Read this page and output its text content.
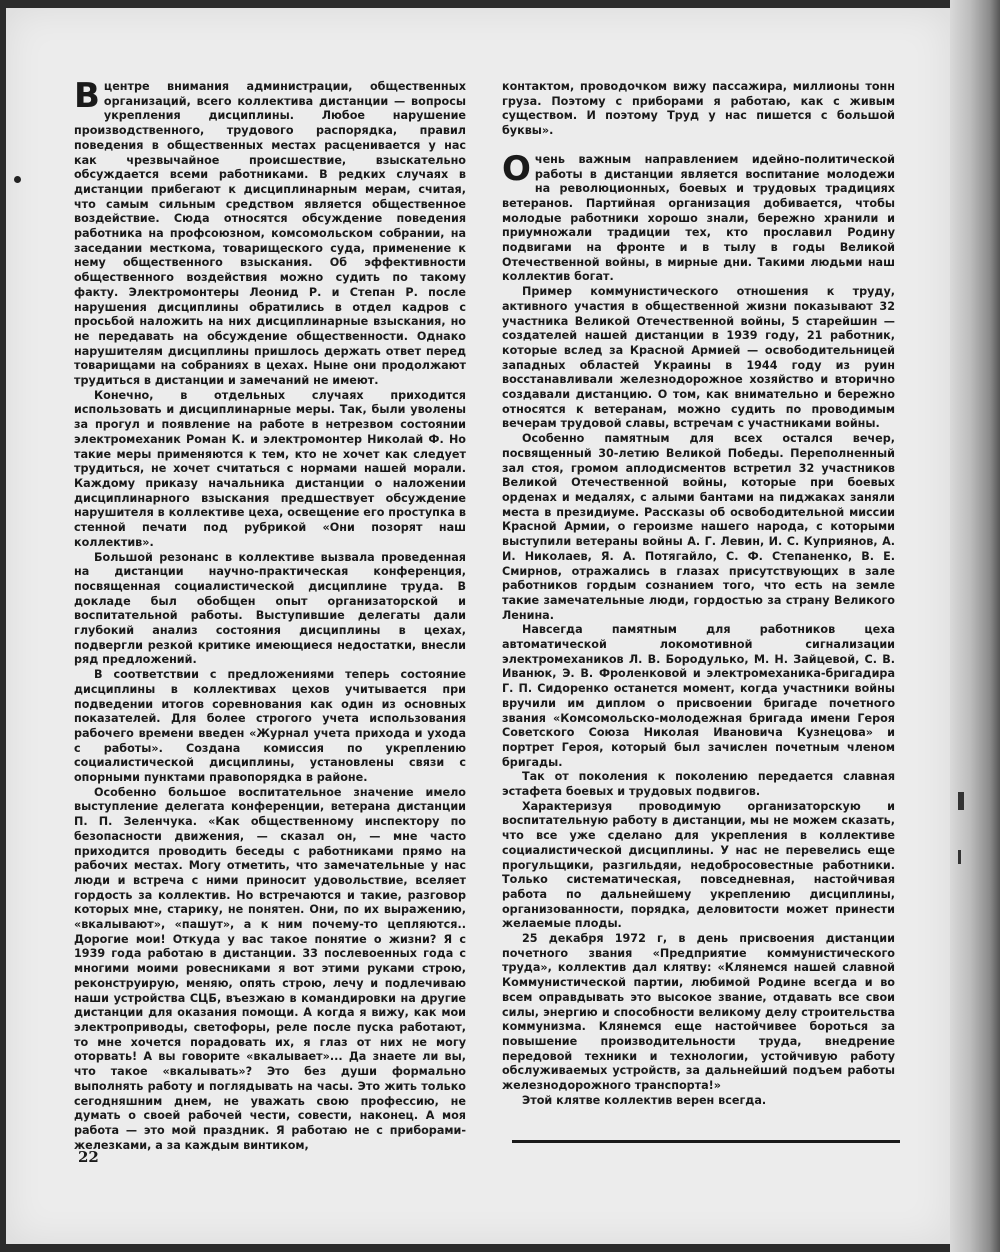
Вцентре внимания администрации, общественных организаций, всего коллектива дистанции — вопросы укрепления дисциплины. Любое нарушение производственного, трудового распорядка, правил поведения в общественных местах расценивается у нас как чрезвычайное происшествие, взыскательно обсуждается всеми работниками. В редких случаях в дистанции прибегают к дисциплинарным мерам, считая, что самым сильным средством является общественное воздействие. Сюда относятся обсуждение поведения работника на профсоюзном, комсомольском собрании, на заседании месткома, товарищеского суда, применение к нему общественного взыскания. Об эффективности общественного воздействия можно судить по такому факту. Электромонтеры Леонид Р. и Степан Р. после нарушения дисциплины обратились в отдел кадров с просьбой наложить на них дисциплинарные взыскания, но не передавать на обсуждение общественности. Однако нарушителям дисциплины пришлось держать ответ перед товарищами на собраниях в цехах. Ныне они продолжают трудиться в дистанции и замечаний не имеют.

Конечно, в отдельных случаях приходится использовать и дисциплинарные меры. Так, были уволены за прогул и появление на работе в нетрезвом состоянии электромеханик Роман К. и электромонтер Николай Ф. Но такие меры применяются к тем, кто не хочет как следует трудиться, не хочет считаться с нормами нашей морали. Каждому приказу начальника дистанции о наложении дисциплинарного взыскания предшествует обсуждение нарушителя в коллективе цеха, освещение его проступка в стенной печати под рубрикой «Они позорят наш коллектив».

Большой резонанс в коллективе вызвала проведенная на дистанции научно-практическая конференция, посвященная социалистической дисциплине труда. В докладе был обобщен опыт организаторской и воспитательной работы. Выступившие делегаты дали глубокий анализ состояния дисциплины в цехах, подвергли резкой критике имеющиеся недостатки, внесли ряд предложений.

В соответствии с предложениями теперь состояние дисциплины в коллективах цехов учитывается при подведении итогов соревнования как один из основных показателей. Для более строгого учета использования рабочего времени введен «Журнал учета прихода и ухода с работы». Создана комиссия по укреплению социалистической дисциплины, установлены связи с опорными пунктами правопорядка в районе.

Особенно большое воспитательное значение имело выступление делегата конференции, ветерана дистанции П. П. Зеленчука. «Как общественному инспектору по безопасности движения, — сказал он, — мне часто приходится проводить беседы с работниками прямо на рабочих местах. Могу отметить, что замечательные у нас люди и встреча с ними приносит удовольствие, вселяет гордость за коллектив. Но встречаются и такие, разговор которых мне, старику, не понятен. Они, по их выражению, «вкалывают», «пашут», а к ним почему-то цепляются.. Дорогие мои! Откуда у вас такое понятие о жизни? Я с 1939 года работаю в дистанции. 33 послевоенных года с многими моими ровесниками я вот этими руками строю, реконструирую, меняю, опять строю, лечу и подлечиваю наши устройства СЦБ, въезжаю в командировки на другие дистанции для оказания помощи. А когда я вижу, как мои электроприводы, светофоры, реле после пуска работают, то мне хочется порадовать их, я глаз от них не могу оторвать! А вы говорите «вкалывает»... Да знаете ли вы, что такое «вкалывать»? Это без души формально выполнять работу и поглядывать на часы. Это жить только сегодняшним днем, не уважать свою профессию, не думать о своей рабочей чести, совести, наконец. А моя работа — это мой праздник. Я работаю не с приборами-железками, а за каждым винтиком,

контактом, проводочком вижу пассажира, миллионы тонн груза. Поэтому с приборами я работаю, как с живым существом. И поэтому Труд у нас пишется с большой буквы».

Очень важным направлением идейно-политической работы в дистанции является воспитание молодежи на революционных, боевых и трудовых традициях ветеранов. Партийная организация добивается, чтобы молодые работники хорошо знали, бережно хранили и приумножали традиции тех, кто прославил Родину подвигами на фронте и в тылу в годы Великой Отечественной войны, в мирные дни. Такими людьми наш коллектив богат.

Пример коммунистического отношения к труду, активного участия в общественной жизни показывают 32 участника Великой Отечественной войны, 5 старейшин — создателей нашей дистанции в 1939 году, 21 работник, которые вслед за Красной Армией — освободительницей западных областей Украины в 1944 году из руин восстанавливали железнодорожное хозяйство и вторично создавали дистанцию. О том, как внимательно и бережно относятся к ветеранам, можно судить по проводимым вечерам трудовой славы, встречам с участниками войны.

Особенно памятным для всех остался вечер, посвященный 30-летию Великой Победы. Переполненный зал стоя, громом аплодисментов встретил 32 участников Великой Отечественной войны, которые при боевых орденах и медалях, с алыми бантами на пиджаках заняли места в президиуме. Рассказы об освободительной миссии Красной Армии, о героизме нашего народа, с которыми выступили ветераны войны А. Г. Левин, И. С. Куприянов, А. И. Николаев, Я. А. Потягайло, С. Ф. Степаненко, В. Е. Смирнов, отражались в глазах присутствующих в зале работников гордым сознанием того, что есть на земле такие замечательные люди, гордостью за страну Великого Ленина.

Навсегда памятным для работников цеха автоматической локомотивной сигнализации электромехаников Л. В. Бородулько, М. Н. Зайцевой, С. В. Иванюк, Э. В. Фроленковой и электромеханика-бригадира Г. П. Сидоренко останется момент, когда участники войны вручили им диплом о присвоении бригаде почетного звания «Комсомольско-молодежная бригада имени Героя Советского Союза Николая Ивановича Кузнецова» и портрет Героя, который был зачислен почетным членом бригады.

Так от поколения к поколению передается славная эстафета боевых и трудовых подвигов.

Характеризуя проводимую организаторскую и воспитательную работу в дистанции, мы не можем сказать, что все уже сделано для укрепления в коллективе социалистической дисциплины. У нас не перевелись еще прогульщики, разгильдяи, недобросовестные работники. Только систематическая, повседневная, настойчивая работа по дальнейшему укреплению дисциплины, организованности, порядка, деловитости может принести желаемые плоды.

25 декабря 1972 г, в день присвоения дистанции почетного звания «Предприятие коммунистического труда», коллектив дал клятву: «Клянемся нашей славной Коммунистической партии, любимой Родине всегда и во всем оправдывать это высокое звание, отдавать все свои силы, энергию и способности великому делу строительства коммунизма. Клянемся еще настойчивее бороться за повышение производительности труда, внедрение передовой техники и технологии, устойчивую работу обслуживаемых устройств, за дальнейший подъем работы железнодорожного транспорта!»

Этой клятве коллектив верен всегда.

22
